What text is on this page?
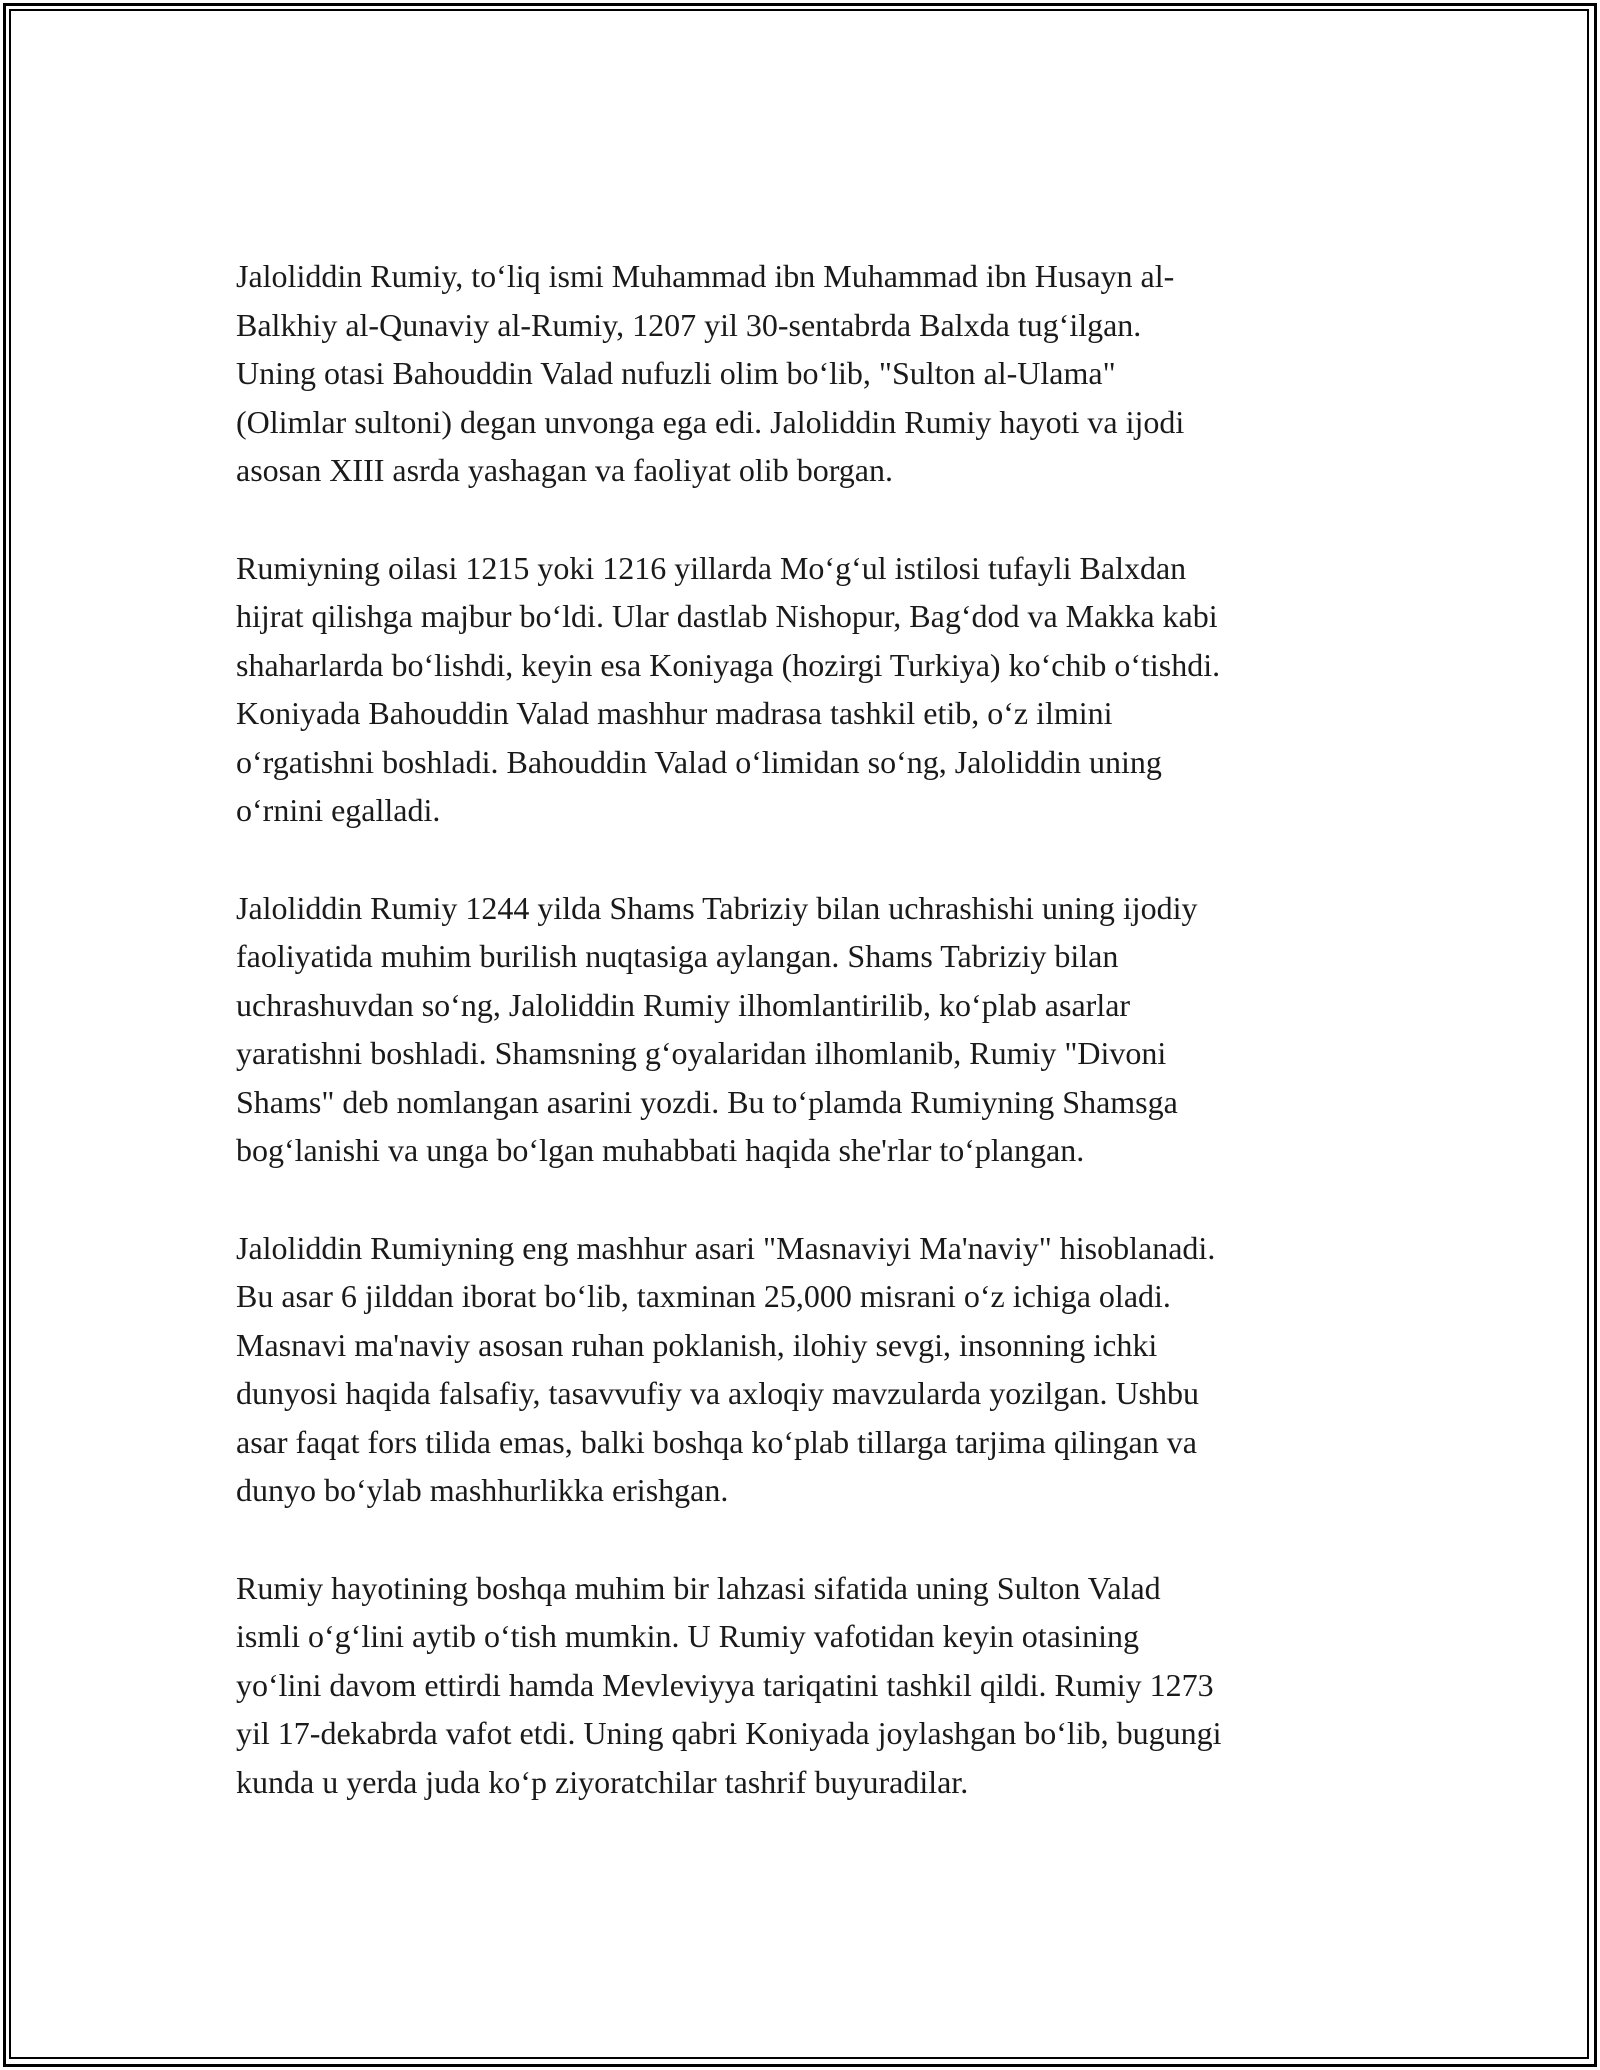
Jaloliddin Rumiy, to‘liq ismi Muhammad ibn Muhammad ibn Husayn al-
Balkhiy al-Qunaviy al-Rumiy, 1207 yil 30-sentabrda Balxda tug‘ilgan.
Uning otasi Bahouddin Valad nufuzli olim bo‘lib, "Sulton al-Ulama"
(Olimlar sultoni) degan unvonga ega edi. Jaloliddin Rumiy hayoti va ijodi
asosan XIII asrda yashagan va faoliyat olib borgan.

Rumiyning oilasi 1215 yoki 1216 yillarda Mo‘g‘ul istilosi tufayli Balxdan
hijrat qilishga majbur bo‘ldi. Ular dastlab Nishopur, Bag‘dod va Makka kabi
shaharlarda bo‘lishdi, keyin esa Koniyaga (hozirgi Turkiya) ko‘chib o‘tishdi.
Koniyada Bahouddin Valad mashhur madrasa tashkil etib, o‘z ilmini
o‘rgatishni boshladi. Bahouddin Valad o‘limidan so‘ng, Jaloliddin uning
o‘rnini egalladi.

Jaloliddin Rumiy 1244 yilda Shams Tabriziy bilan uchrashishi uning ijodiy
faoliyatida muhim burilish nuqtasiga aylangan. Shams Tabriziy bilan
uchrashuvdan so‘ng, Jaloliddin Rumiy ilhomlantirilib, ko‘plab asarlar
yaratishni boshladi. Shamsning g‘oyalaridan ilhomlanib, Rumiy "Divoni
Shams" deb nomlangan asarini yozdi. Bu to‘plamda Rumiyning Shamsga
bog‘lanishi va unga bo‘lgan muhabbati haqida she'rlar to‘plangan.

Jaloliddin Rumiyning eng mashhur asari "Masnaviyi Ma'naviy" hisoblanadi.
Bu asar 6 jilddan iborat bo‘lib, taxminan 25,000 misrani o‘z ichiga oladi.
Masnavi ma'naviy asosan ruhan poklanish, ilohiy sevgi, insonning ichki
dunyosi haqida falsafiy, tasavvufiy va axloqiy mavzularda yozilgan. Ushbu
asar faqat fors tilida emas, balki boshqa ko‘plab tillarga tarjima qilingan va
dunyo bo‘ylab mashhurlikka erishgan.

Rumiy hayotining boshqa muhim bir lahzasi sifatida uning Sulton Valad
ismli o‘g‘lini aytib o‘tish mumkin. U Rumiy vafotidan keyin otasining
yo‘lini davom ettirdi hamda Mevleviyya tariqatini tashkil qildi. Rumiy 1273
yil 17-dekabrda vafot etdi. Uning qabri Koniyada joylashgan bo‘lib, bugungi
kunda u yerda juda ko‘p ziyoratchilar tashrif buyuradilar.
